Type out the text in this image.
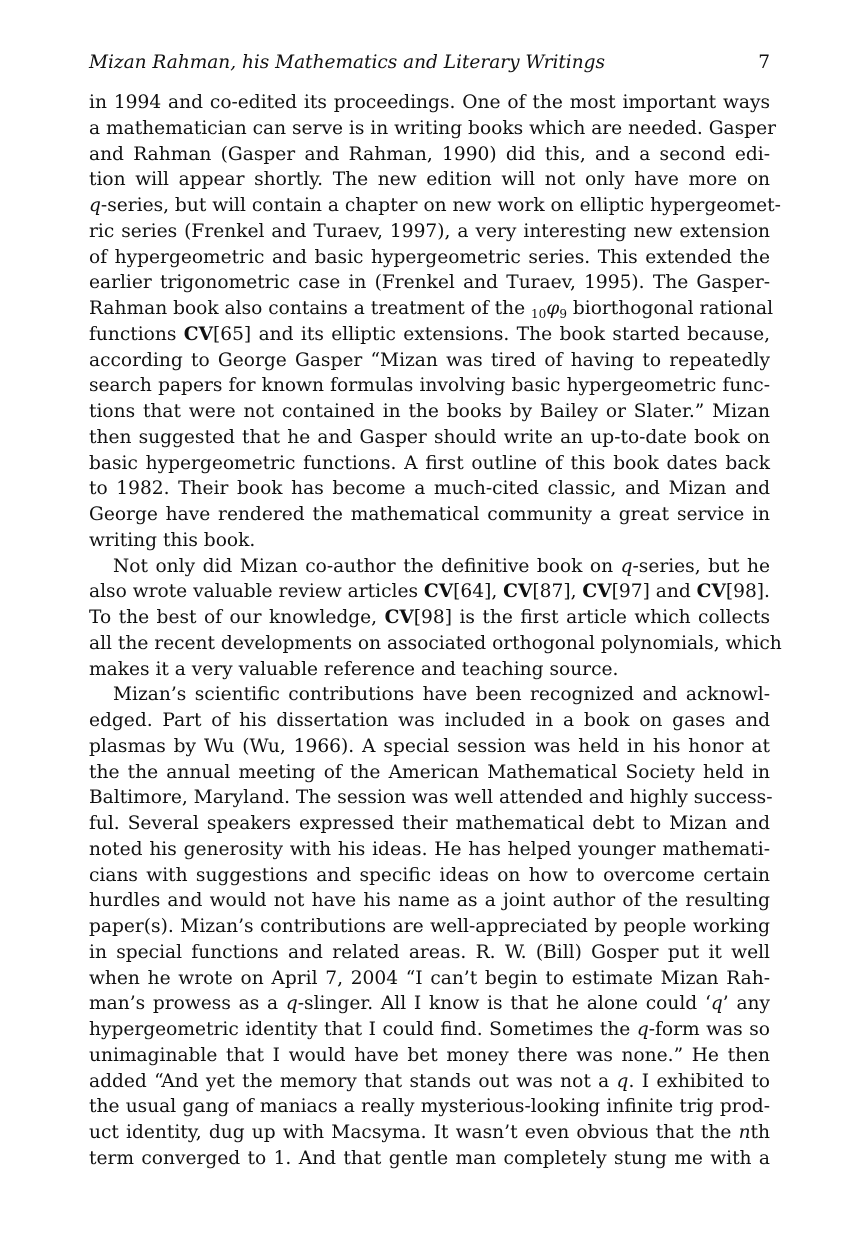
Mizan Rahman, his Mathematics and Literary Writings	7
in 1994 and co-edited its proceedings. One of the most important ways
a mathematician can serve is in writing books which are needed. Gasper
and Rahman (Gasper and Rahman, 1990) did this, and a second edi-
tion will appear shortly. The new edition will not only have more on
q-series, but will contain a chapter on new work on elliptic hypergeomet-
ric series (Frenkel and Turaev, 1997), a very interesting new extension
of hypergeometric and basic hypergeometric series. This extended the
earlier trigonometric case in (Frenkel and Turaev, 1995). The Gasper-
Rahman book also contains a treatment of the $_{10}\varphi_9$ biorthogonal rational
functions CV[65] and its elliptic extensions. The book started because,
according to George Gasper “Mizan was tired of having to repeatedly
search papers for known formulas involving basic hypergeometric func-
tions that were not contained in the books by Bailey or Slater.” Mizan
then suggested that he and Gasper should write an up-to-date book on
basic hypergeometric functions. A first outline of this book dates back
to 1982. Their book has become a much-cited classic, and Mizan and
George have rendered the mathematical community a great service in
writing this book.
Not only did Mizan co-author the definitive book on q-series, but he
also wrote valuable review articles CV[64], CV[87], CV[97] and CV[98].
To the best of our knowledge, CV[98] is the first article which collects
all the recent developments on associated orthogonal polynomials, which
makes it a very valuable reference and teaching source.
Mizan’s scientific contributions have been recognized and acknowl-
edged. Part of his dissertation was included in a book on gases and
plasmas by Wu (Wu, 1966). A special session was held in his honor at
the the annual meeting of the American Mathematical Society held in
Baltimore, Maryland. The session was well attended and highly success-
ful. Several speakers expressed their mathematical debt to Mizan and
noted his generosity with his ideas. He has helped younger mathemati-
cians with suggestions and specific ideas on how to overcome certain
hurdles and would not have his name as a joint author of the resulting
paper(s). Mizan’s contributions are well-appreciated by people working
in special functions and related areas. R. W. (Bill) Gosper put it well
when he wrote on April 7, 2004 “I can’t begin to estimate Mizan Rah-
man’s prowess as a q-slinger. All I know is that he alone could ‘q’ any
hypergeometric identity that I could find. Sometimes the q-form was so
unimaginable that I would have bet money there was none.” He then
added “And yet the memory that stands out was not a q. I exhibited to
the usual gang of maniacs a really mysterious-looking infinite trig prod-
uct identity, dug up with Macsyma. It wasn’t even obvious that the nth
term converged to 1. And that gentle man completely stung me with a
